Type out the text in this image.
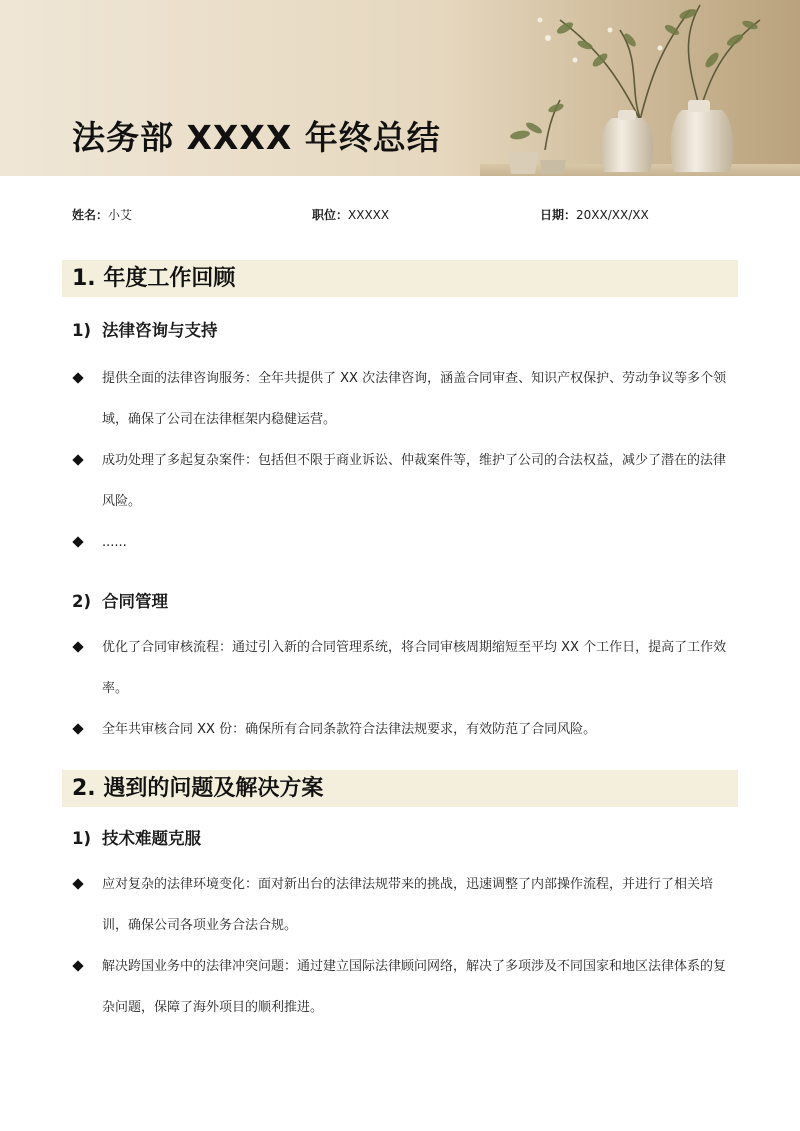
法务部 XXXX 年终总结
姓名：小艾	职位：XXXXX	日期：20XX/XX/XX
1. 年度工作回顾
1) 法律咨询与支持
提供全面的法律咨询服务：全年共提供了 XX 次法律咨询，涵盖合同审查、知识产权保护、劳动争议等多个领域，确保了公司在法律框架内稳健运营。
成功处理了多起复杂案件：包括但不限于商业诉讼、仲裁案件等，维护了公司的合法权益，减少了潜在的法律风险。
......
2) 合同管理
优化了合同审核流程：通过引入新的合同管理系统，将合同审核周期缩短至平均 XX 个工作日，提高了工作效率。
全年共审核合同 XX 份：确保所有合同条款符合法律法规要求，有效防范了合同风险。
2. 遇到的问题及解决方案
1) 技术难题克服
应对复杂的法律环境变化：面对新出台的法律法规带来的挑战，迅速调整了内部操作流程，并进行了相关培训，确保公司各项业务合法合规。
解决跨国业务中的法律冲突问题：通过建立国际法律顾问网络，解决了多项涉及不同国家和地区法律体系的复杂问题，保障了海外项目的顺利推进。
